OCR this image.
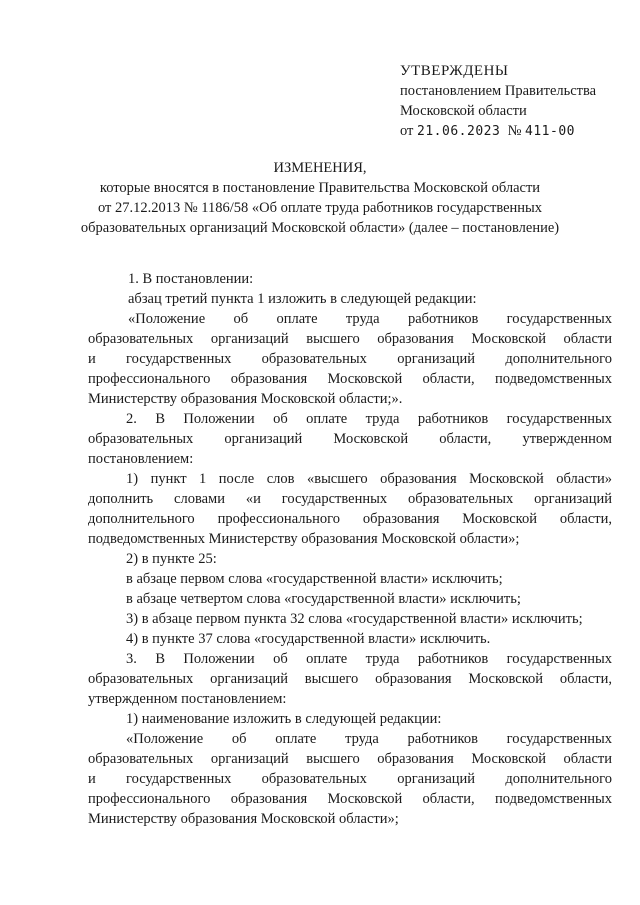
УТВЕРЖДЕНЫ
постановлением Правительства
Московской области
от 21.06.2023 № 411-00
ИЗМЕНЕНИЯ,
которые вносятся в постановление Правительства Московской области
от 27.12.2013 № 1186/58 «Об оплате труда работников государственных
образовательных организаций Московской области» (далее – постановление)
1. В постановлении:
абзац третий пункта 1 изложить в следующей редакции:
«Положение об оплате труда работников государственных
образовательных организаций высшего образования Московской области
и государственных образовательных организаций дополнительного
профессионального образования Московской области, подведомственных
Министерству образования Московской области;».
2. В Положении об оплате труда работников государственных
образовательных организаций Московской области, утвержденном
постановлением:
1) пункт 1 после слов «высшего образования Московской области»
дополнить словами «и государственных образовательных организаций
дополнительного профессионального образования Московской области,
подведомственных Министерству образования Московской области»;
2) в пункте 25:
в абзаце первом слова «государственной власти» исключить;
в абзаце четвертом слова «государственной власти» исключить;
3) в абзаце первом пункта 32 слова «государственной власти» исключить;
4) в пункте 37 слова «государственной власти» исключить.
3. В Положении об оплате труда работников государственных
образовательных организаций высшего образования Московской области,
утвержденном постановлением:
1) наименование изложить в следующей редакции:
«Положение об оплате труда работников государственных
образовательных организаций высшего образования Московской области
и государственных образовательных организаций дополнительного
профессионального образования Московской области, подведомственных
Министерству образования Московской области»;
